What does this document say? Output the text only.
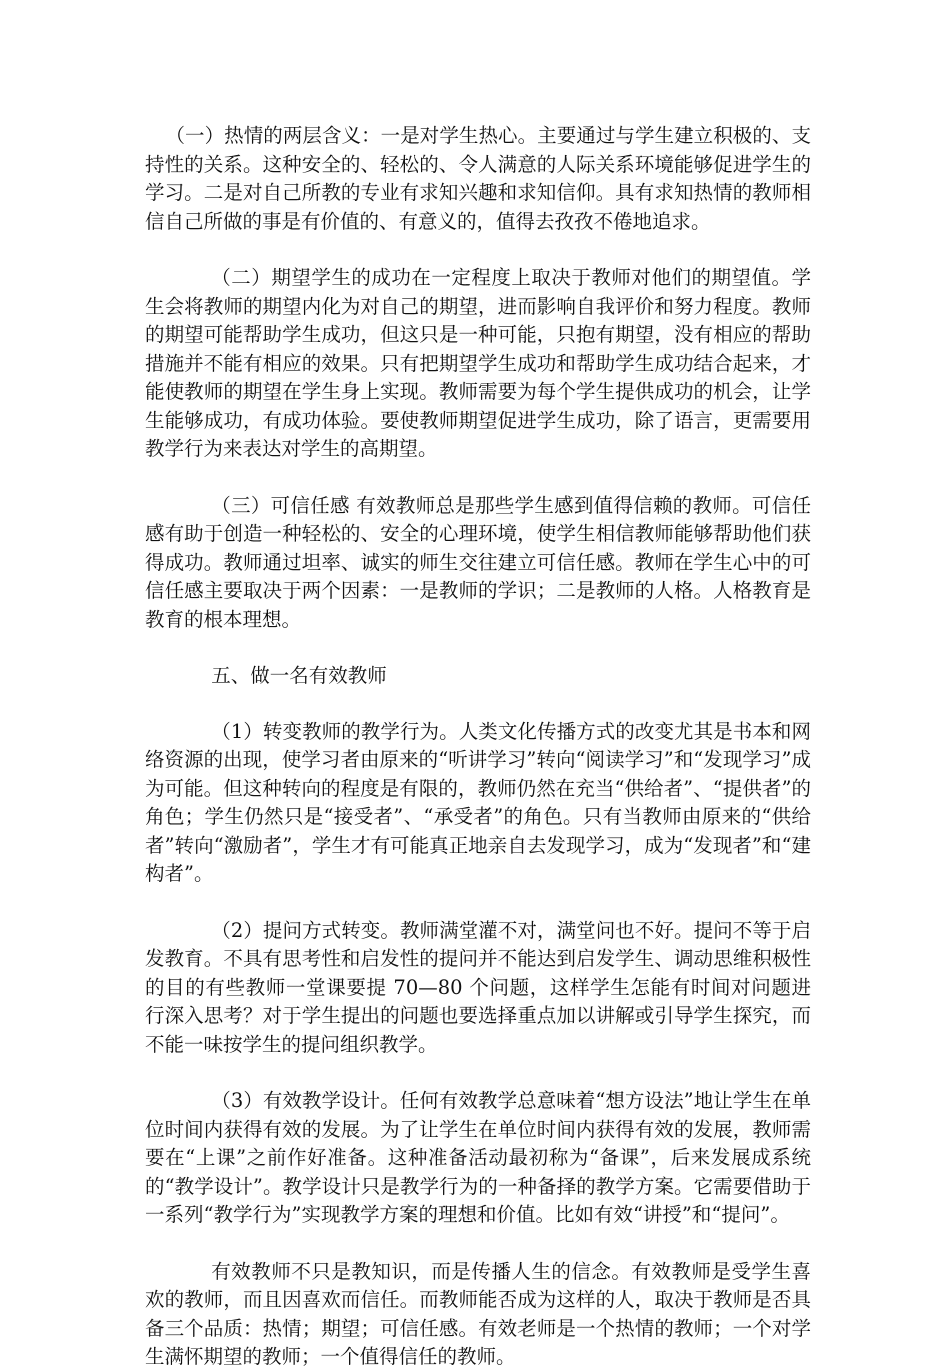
（一）热情的两层含义：一是对学生热心。主要通过与学生建立积极的、支持性的关系。这种安全的、轻松的、令人满意的人际关系环境能够促进学生的学习。二是对自己所教的专业有求知兴趣和求知信仰。具有求知热情的教师相信自己所做的事是有价值的、有意义的，值得去孜孜不倦地追求。

（二）期望学生的成功在一定程度上取决于教师对他们的期望值。学生会将教师的期望内化为对自己的期望，进而影响自我评价和努力程度。教师的期望可能帮助学生成功，但这只是一种可能，只抱有期望，没有相应的帮助措施并不能有相应的效果。只有把期望学生成功和帮助学生成功结合起来，才能使教师的期望在学生身上实现。教师需要为每个学生提供成功的机会，让学生能够成功，有成功体验。要使教师期望促进学生成功，除了语言，更需要用教学行为来表达对学生的高期望。

（三）可信任感 有效教师总是那些学生感到值得信赖的教师。可信任感有助于创造一种轻松的、安全的心理环境，使学生相信教师能够帮助他们获得成功。教师通过坦率、诚实的师生交往建立可信任感。教师在学生心中的可信任感主要取决于两个因素：一是教师的学识；二是教师的人格。人格教育是教育的根本理想。

五、做一名有效教师

（1）转变教师的教学行为。人类文化传播方式的改变尤其是书本和网络资源的出现，使学习者由原来的“听讲学习”转向“阅读学习”和“发现学习”成为可能。但这种转向的程度是有限的，教师仍然在充当“供给者”、“提供者”的角色；学生仍然只是“接受者”、“承受者”的角色。只有当教师由原来的“供给者”转向“激励者”，学生才有可能真正地亲自去发现学习，成为“发现者”和“建构者”。

（2）提问方式转变。教师满堂灌不对，满堂问也不好。提问不等于启发教育。不具有思考性和启发性的提问并不能达到启发学生、调动思维积极性的目的有些教师一堂课要提 70—80 个问题，这样学生怎能有时间对问题进行深入思考？对于学生提出的问题也要选择重点加以讲解或引导学生探究，而不能一味按学生的提问组织教学。

（3）有效教学设计。任何有效教学总意味着“想方设法”地让学生在单位时间内获得有效的发展。为了让学生在单位时间内获得有效的发展，教师需要在“上课”之前作好准备。这种准备活动最初称为“备课”，后来发展成系统的“教学设计”。教学设计只是教学行为的一种备择的教学方案。它需要借助于一系列“教学行为”实现教学方案的理想和价值。比如有效“讲授”和“提问”。

有效教师不只是教知识，而是传播人生的信念。有效教师是受学生喜欢的教师，而且因喜欢而信任。而教师能否成为这样的人，取决于教师是否具备三个品质：热情；期望；可信任感。有效老师是一个热情的教师；一个对学生满怀期望的教师；一个值得信任的教师。
